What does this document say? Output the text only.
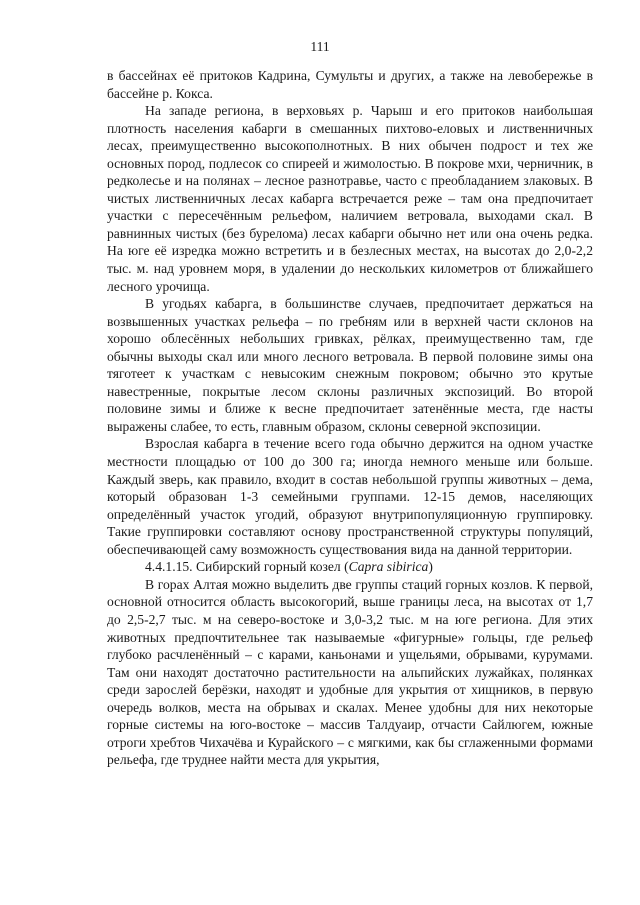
111

в бассейнах её притоков Кадрина, Сумульты и других, а также на левобережье в бассейне р. Кокса.

На западе региона, в верховьях р. Чарыш и его притоков наибольшая плотность населения кабарги в смешанных пихтово-еловых и лиственничных лесах, преимущественно высокополнотных. В них обычен подрост и тех же основных пород, подлесок со спиреей и жимолостью. В покрове мхи, черничник, в редколесье и на полянах – лесное разнотравье, часто с преобладанием злаковых. В чистых лиственничных лесах кабарга встречается реже – там она предпочитает участки с пересечённым рельефом, наличием ветровала, выходами скал. В равнинных чистых (без бурелома) лесах кабарги обычно нет или она очень редка. На юге её изредка можно встретить и в безлесных местах, на высотах до 2,0-2,2 тыс. м. над уровнем моря, в удалении до нескольких километров от ближайшего лесного урочища.

В угодьях кабарга, в большинстве случаев, предпочитает держаться на возвышенных участках рельефа – по гребням или в верхней части склонов на хорошо облесённых небольших гривках, рёлках, преимущественно там, где обычны выходы скал или много лесного ветровала. В первой половине зимы она тяготеет к участкам с невысоким снежным покровом; обычно это крутые навестренные, покрытые лесом склоны различных экспозиций. Во второй половине зимы и ближе к весне предпочитает затенённые места, где насты выражены слабее, то есть, главным образом, склоны северной экспозиции.

Взрослая кабарга в течение всего года обычно держится на одном участке местности площадью от 100 до 300 га; иногда немного меньше или больше. Каждый зверь, как правило, входит в состав небольшой группы животных – дема, который образован 1-3 семейными группами. 12-15 демов, населяющих определённый участок угодий, образуют внутрипопуляционную группировку. Такие группировки составляют основу пространственной структуры популяций, обеспечивающей саму возможность существования вида на данной территории.

4.4.1.15. Сибирский горный козел (Capra sibirica)

В горах Алтая можно выделить две группы стаций горных козлов. К первой, основной относится область высокогорий, выше границы леса, на высотах от 1,7 до 2,5-2,7 тыс. м на северо-востоке и 3,0-3,2 тыс. м на юге региона. Для этих животных предпочтительнее так называемые «фигурные» гольцы, где рельеф глубоко расчленённый – с карами, каньонами и ущельями, обрывами, курумами. Там они находят достаточно растительности на альпийских лужайках, полянках среди зарослей берёзки, находят и удобные для укрытия от хищников, в первую очередь волков, места на обрывах и скалах. Менее удобны для них некоторые горные системы на юго-востоке – массив Талдуаир, отчасти Сайлюгем, южные отроги хребтов Чихачёва и Курайского – с мягкими, как бы сглаженными формами рельефа, где труднее найти места для укрытия,
